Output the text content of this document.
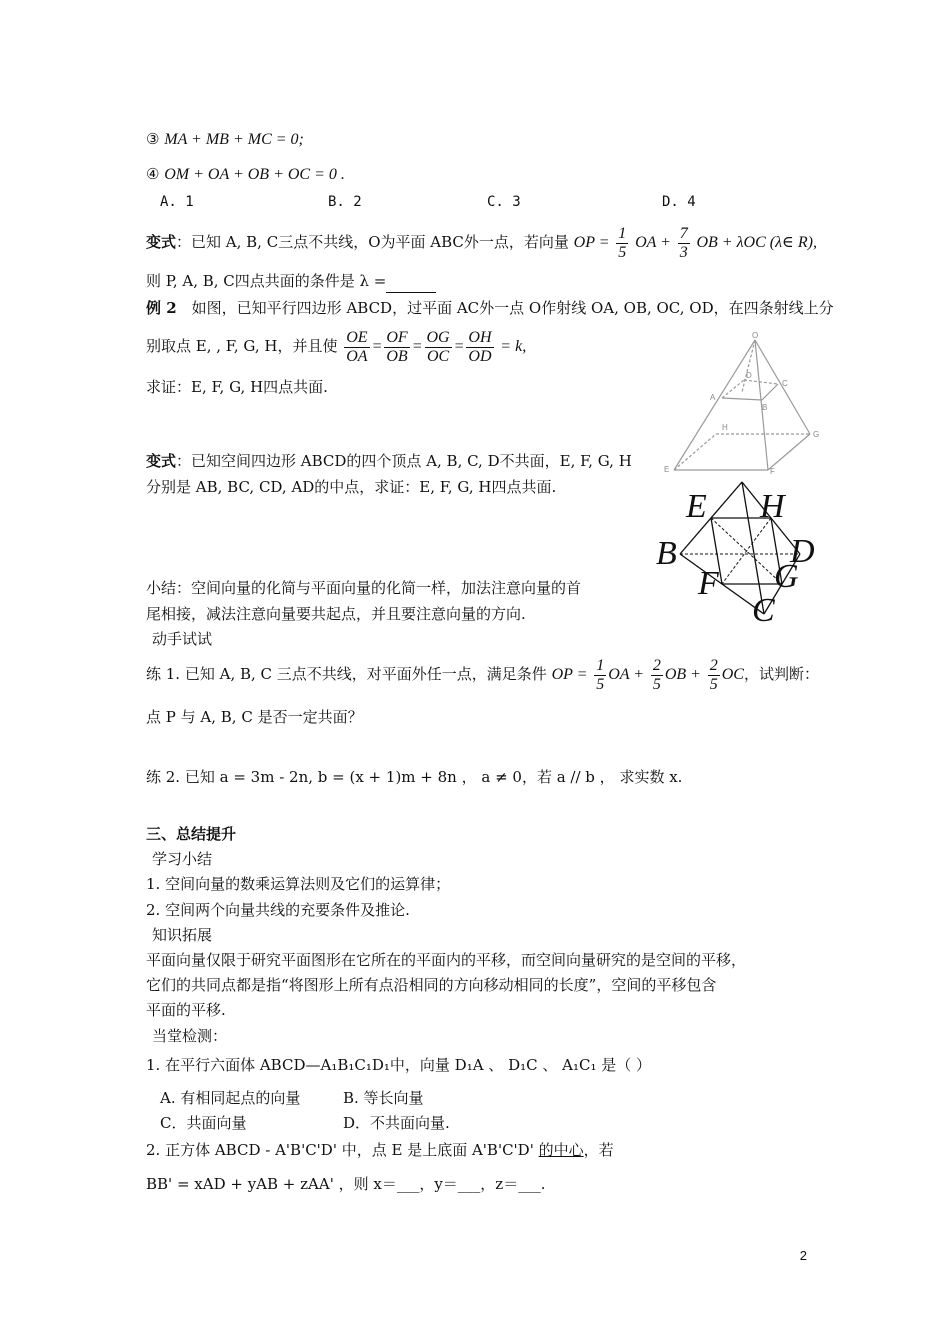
③ MA + MB + MC = 0;
④ OM + OA + OB + OC = 0 .
A. 1	B. 2	C. 3	D. 4
变式：已知 A, B, C三点不共线，O为平面 ABC外一点，若向量 OP = $\frac{1}{5}$ OA + $\frac{7}{3}$ OB + λOC (λ∈ R),
则 P, A, B, C四点共面的条件是 λ =
例 2　如图，已知平行四边形 ABCD，过平面 AC外一点 O作射线 OA, OB, OC, OD，在四条射线上分
别取点 E, , F, G, H，并且使 $\frac{OE}{OA} = \frac{OF}{OB} = \frac{OG}{OC} = \frac{OH}{OD} = k$,
求证：E, F, G, H四点共面.
O
D
C
A
B
H
G
E	F
变式：已知空间四边形 ABCD的四个顶点 A, B, C, D不共面，E, F, G, H
分别是 AB, BC, CD, AD的中点，求证：E, F, G, H四点共面.
E H
B	D
F G
C
小结：空间向量的化简与平面向量的化简一样，加法注意向量的首
尾相接，减法注意向量要共起点，并且要注意向量的方向.
动手试试
练 1. 已知 A, B, C 三点不共线，对平面外任一点，满足条件 OP = $\frac{1}{5}$ OA + $\frac{2}{5}$ OB + $\frac{2}{5}$ OC，试判断：
点 P 与 A, B, C 是否一定共面？
练 2. 已知 a = 3m - 2n, b = (x + 1)m + 8n ， a ≠ 0，若 a // b ， 求实数 x.
三、总结提升
学习小结
1. 空间向量的数乘运算法则及它们的运算律；
2. 空间两个向量共线的充要条件及推论.
知识拓展
平面向量仅限于研究平面图形在它所在的平面内的平移，而空间向量研究的是空间的平移，
它们的共同点都是指“将图形上所有点沿相同的方向移动相同的长度”，空间的平移包含
平面的平移.
当堂检测：
1. 在平行六面体 ABCD—A₁B₁C₁D₁中，向量 D₁A 、 D₁C 、 A₁C₁ 是（ ）
A. 有相同起点的向量	B. 等长向量
C．共面向量	D．不共面向量.
2. 正方体 ABCD - A'B'C'D' 中，点 E 是上底面 A'B'C'D' 的中心，若
BB' = xAD + yAB + zAA' ，则 x＝___，y＝___，z＝___.
2
